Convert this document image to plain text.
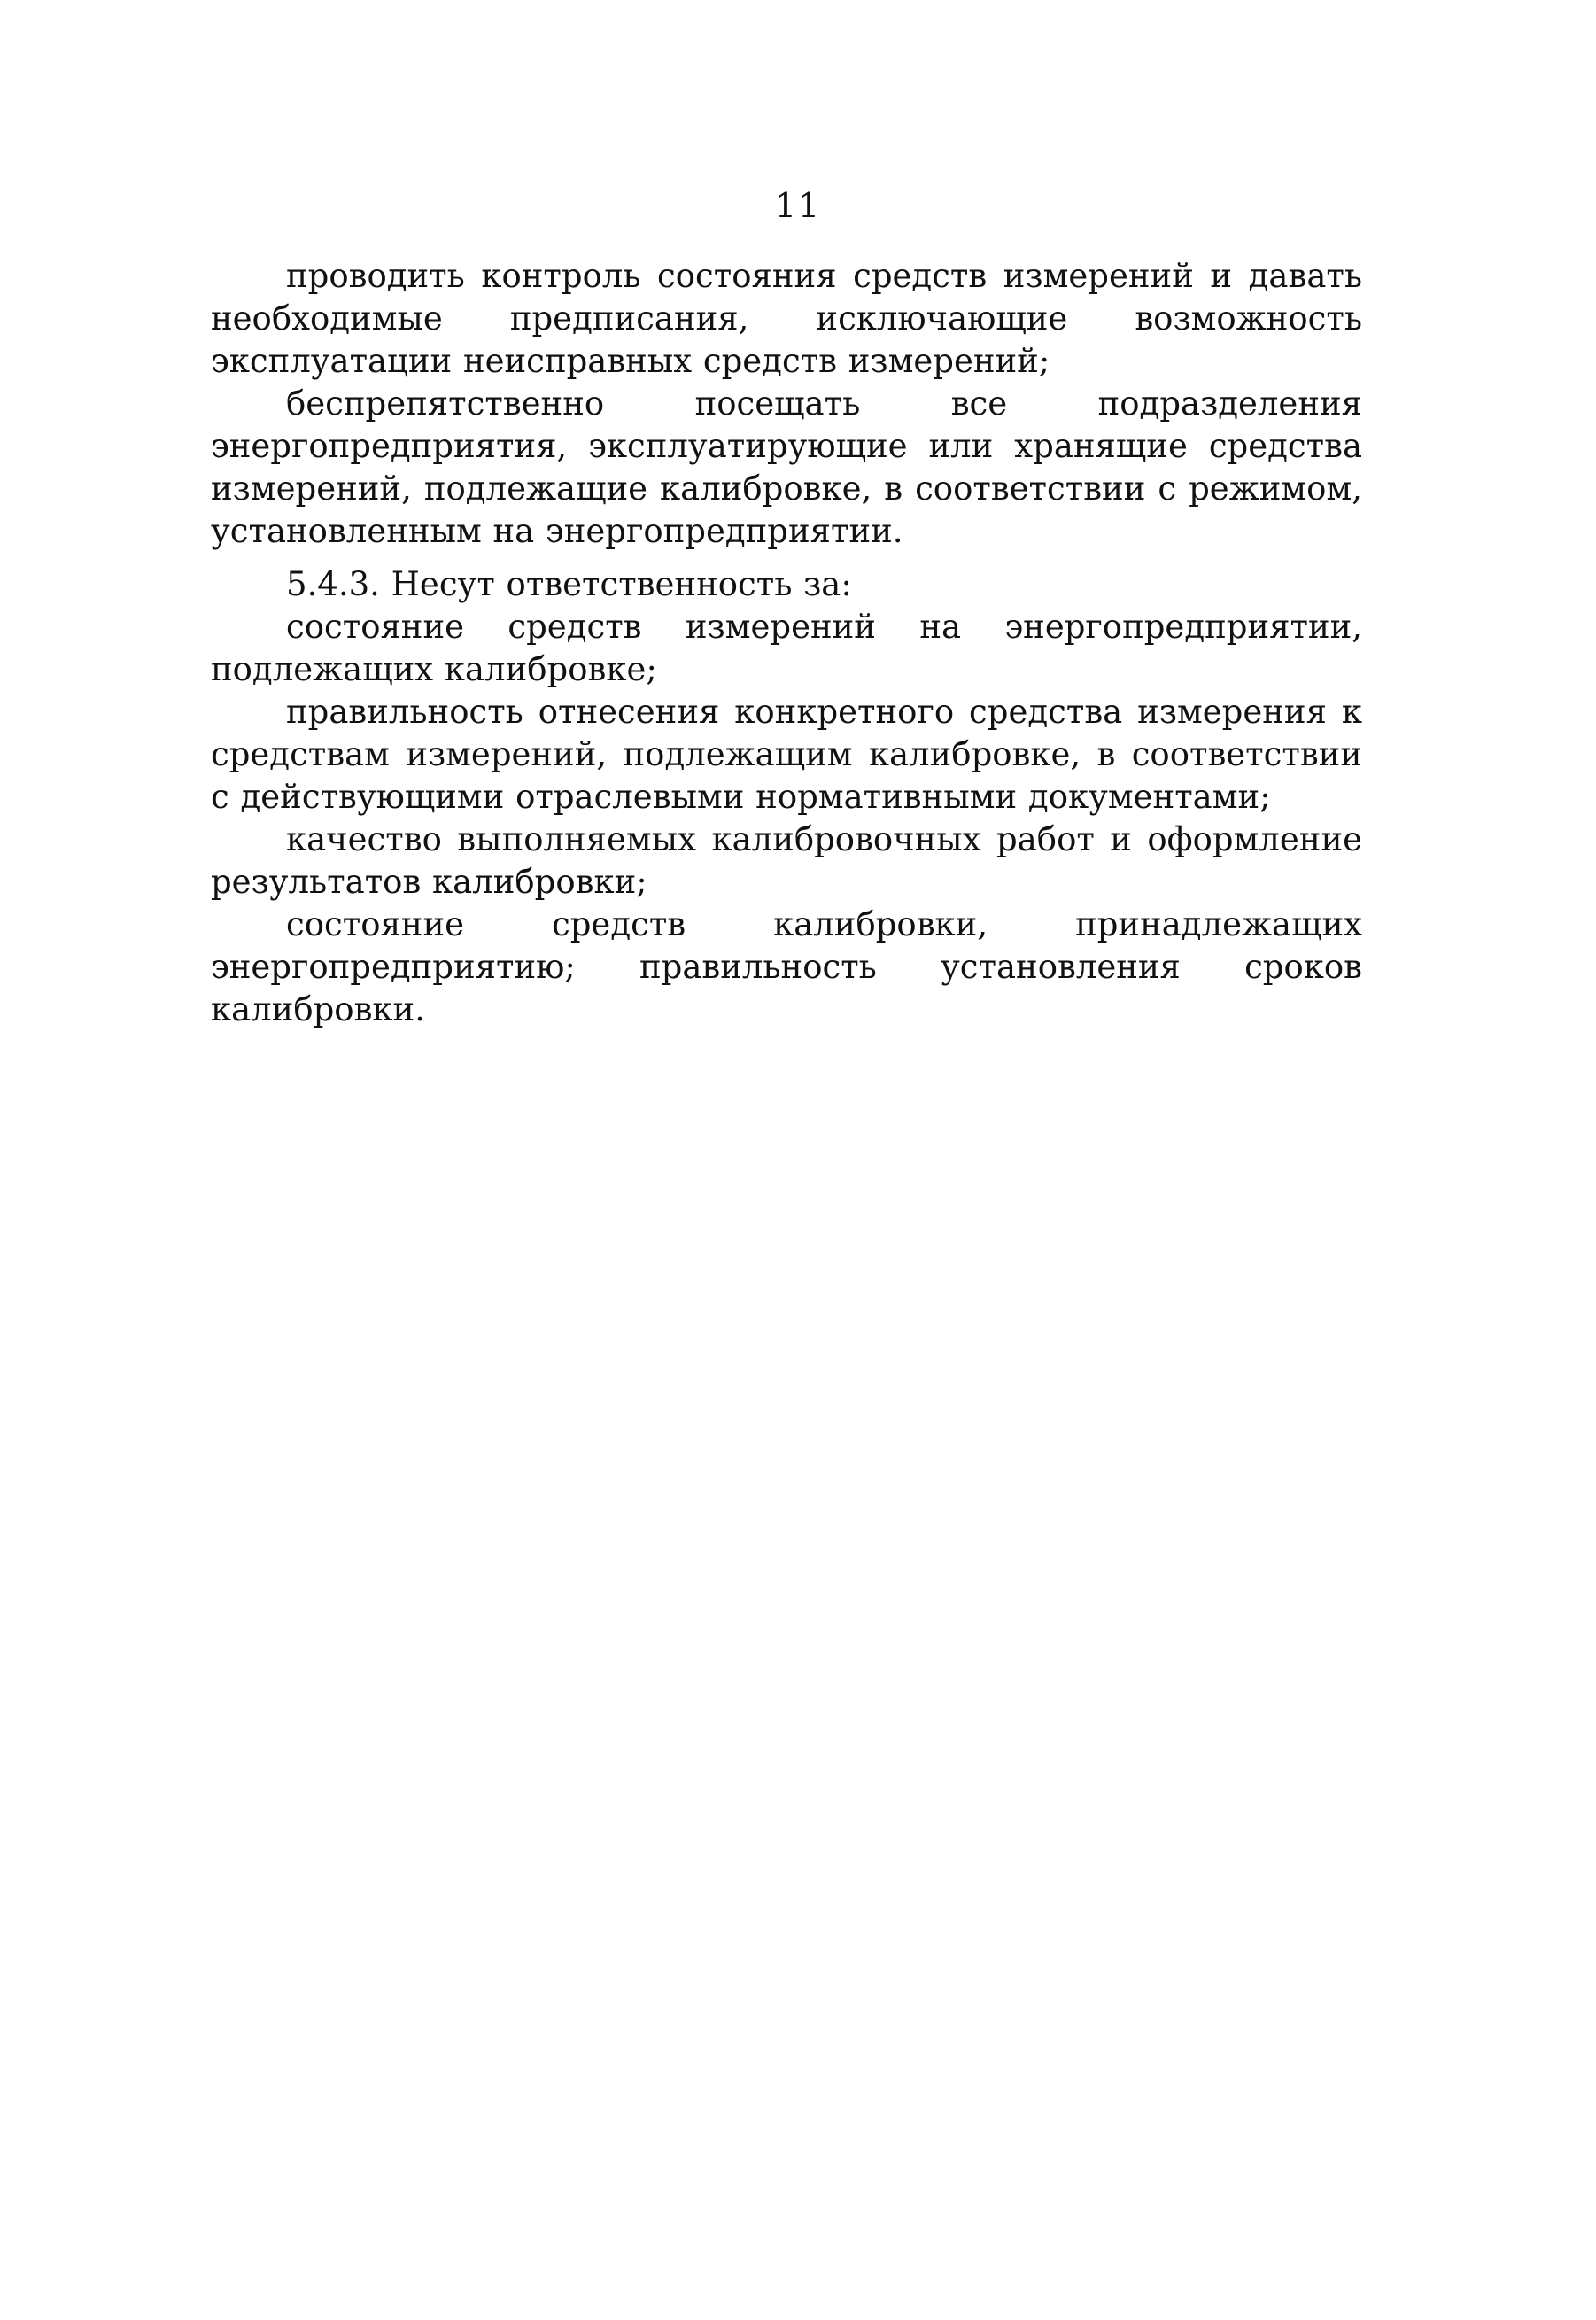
11

проводить контроль состояния средств измерений и давать необходимые предписания, исключающие возможность эксплуатации неисправных средств измерений;

беспрепятственно посещать все подразделения энергопредприятия, эксплуатирующие или хранящие средства измерений, подлежащие калибровке, в соответствии с режимом, установленным на энергопредприятии.

5.4.3. Несут ответственность за:

состояние средств измерений на энергопредприятии, подлежащих калибровке;

правильность отнесения конкретного средства измерения к средствам измерений, подлежащим калибровке, в соответствии с действующими отраслевыми нормативными документами;

качество выполняемых калибровочных работ и оформление результатов калибровки;

состояние средств калибровки, принадлежащих энергопредприятию; правильность установления сроков калибровки.
